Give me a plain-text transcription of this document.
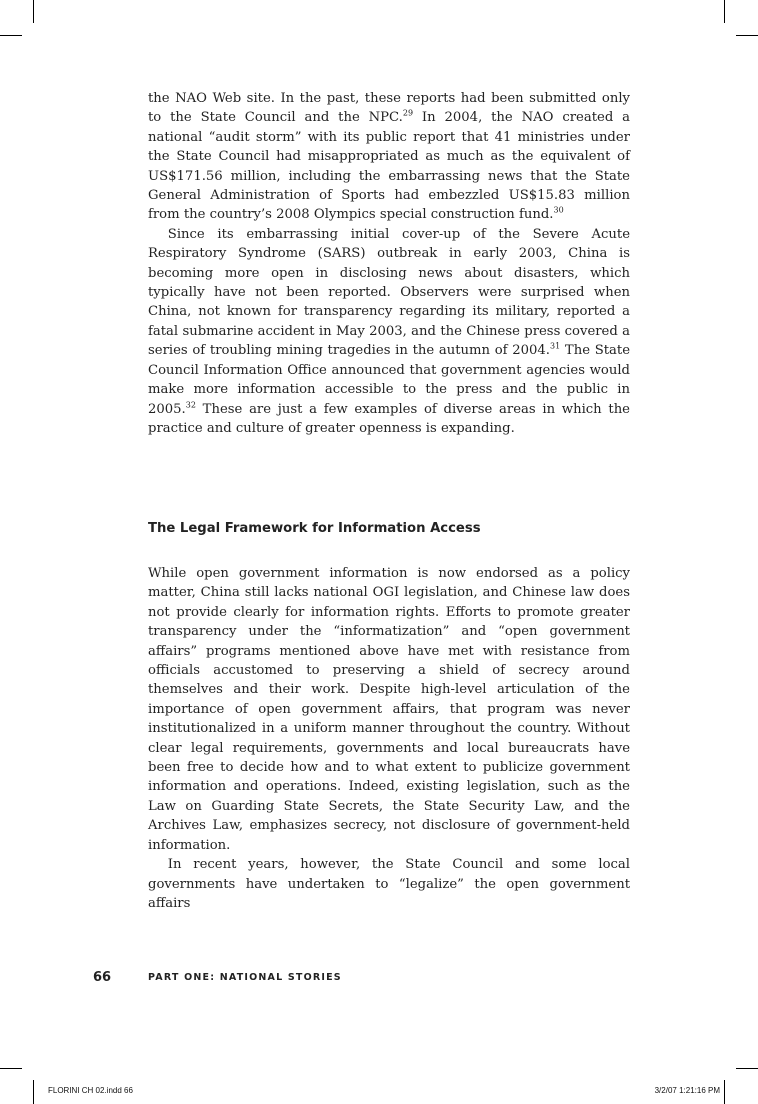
the NAO Web site. In the past, these reports had been submitted only to the State Council and the NPC.$^{29}$ In 2004, the NAO created a national “audit storm” with its public report that 41 ministries under the State Council had misappropriated as much as the equivalent of US$171.56 million, including the embarrassing news that the State General Administration of Sports had embezzled US$15.83 million from the country’s 2008 Olympics special construction fund.$^{30}$

Since its embarrassing initial cover-up of the Severe Acute Respiratory Syndrome (SARS) outbreak in early 2003, China is becoming more open in disclosing news about disasters, which typically have not been reported. Observers were surprised when China, not known for transparency regarding its military, reported a fatal submarine accident in May 2003, and the Chinese press covered a series of troubling mining tragedies in the autumn of 2004.31 The State Council Information Office announced that government agencies would make more information accessible to the press and the public in 2005.32 These are just a few examples of diverse areas in which the practice and culture of greater openness is expanding.

The Legal Framework for Information Access

While open government information is now endorsed as a policy matter, China still lacks national OGI legislation, and Chinese law does not provide clearly for information rights. Efforts to promote greater transparency under the “informatization” and “open government affairs” programs mentioned above have met with resistance from officials accustomed to preserving a shield of secrecy around themselves and their work. Despite high-level articulation of the importance of open government affairs, that program was never institutionalized in a uniform manner throughout the country. Without clear legal requirements, governments and local bureaucrats have been free to decide how and to what extent to publicize government information and operations. Indeed, existing legislation, such as the Law on Guarding State Secrets, the State Security Law, and the Archives Law, emphasizes secrecy, not disclosure of government-held information.

In recent years, however, the State Council and some local governments have undertaken to “legalize” the open government affairs

66	PART ONE: NATIONAL STORIES
FLORINI CH 02.indd 66	3/2/07 1:21:16 PM
